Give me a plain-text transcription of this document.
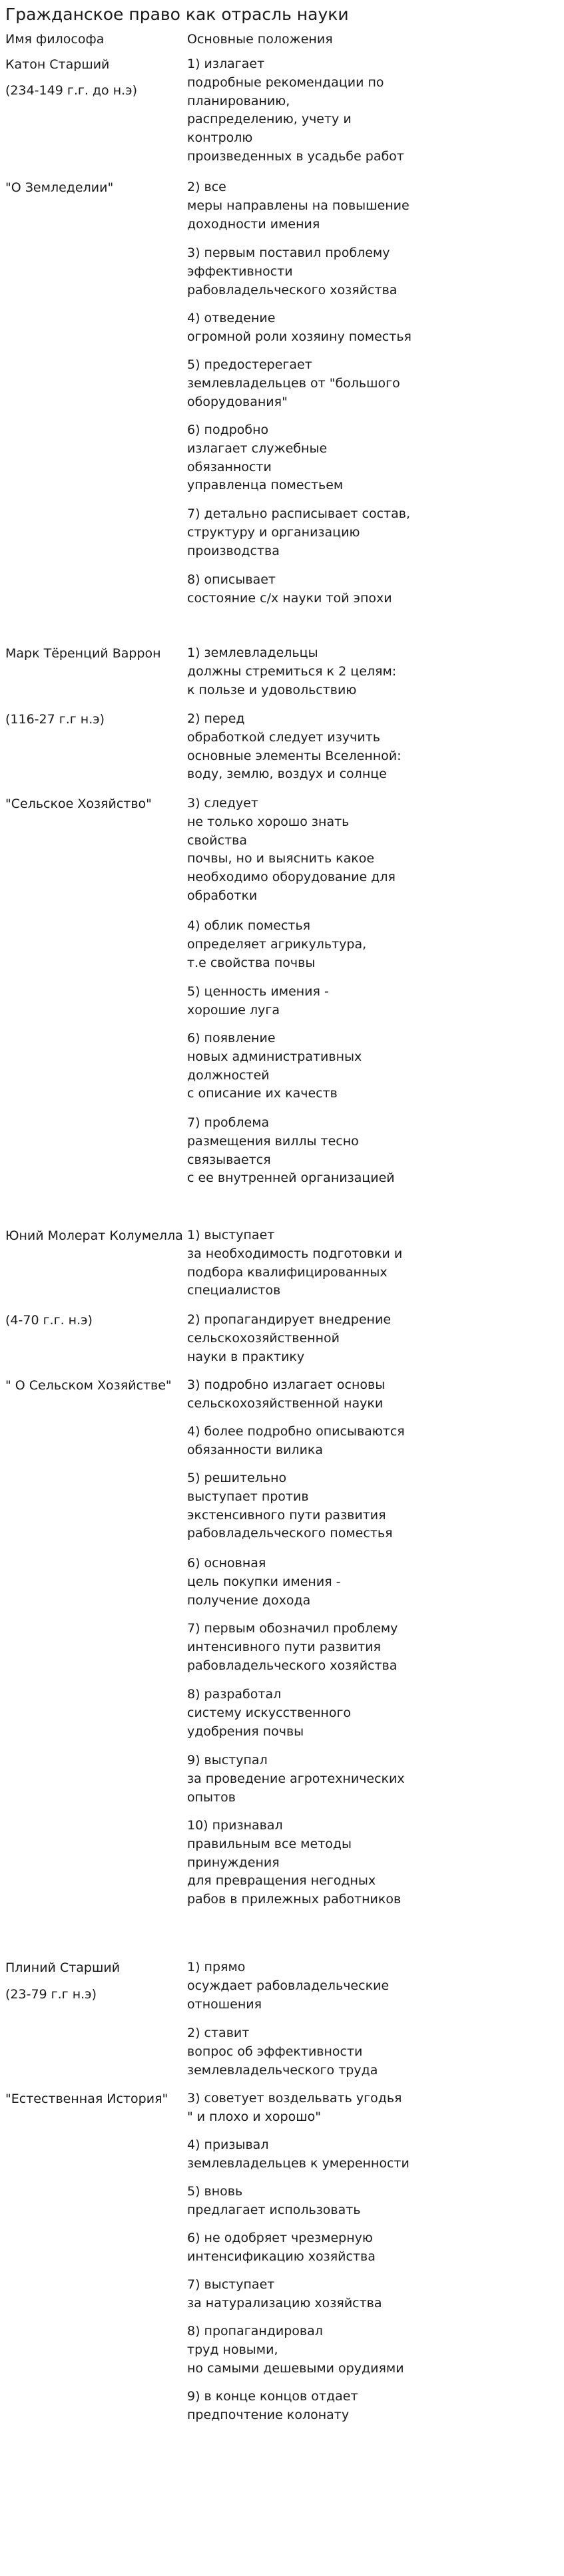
Гражданское право как отрасль науки
Имя философа	Основные положения
Катон Старший
(234-149 г.г. до н.э)
"О Земледелии"
1) излагает
подробные рекомендации по
планированию,
распределению, учету и
контролю
произведенных в усадьбе работ
2) все
меры направлены на повышение
доходности имения
3) первым поставил проблему
эффективности
рабовладельческого хозяйства
4) отведение
огромной роли хозяину поместья
5) предостерегает
землевладельцев от "большого
оборудования"
6) подробно
излагает служебные
обязанности
управленца поместьем
7) детально расписывает состав,
структуру и организацию
производства
8) описывает
состояние с/х науки той эпохи
Марк Тёренций Варрон
(116-27 г.г н.э)
"Сельское Хозяйство"
1) землевладельцы
должны стремиться к 2 целям:
к пользе и удовольствию
2) перед
обработкой следует изучить
основные элементы Вселенной:
воду, землю, воздух и солнце
3) следует
не только хорошо знать
свойства
почвы, но и выяснить какое
необходимо оборудование для
обработки
4) облик поместья
определяет агрикультура,
т.е свойства почвы
5) ценность имения -
хорошие луга
6) появление
новых административных
должностей
с описание их качеств
7) проблема
размещения виллы тесно
связывается
с ее внутренней организацией
Юний Молерат Колумелла
(4-70 г.г. н.э)
" О Сельском Хозяйстве"
1) выступает
за необходимость подготовки и
подбора квалифицированных
специалистов
2) пропагандирует внедрение
сельскохозяйственной
науки в практику
3) подробно излагает основы
сельскохозяйственной науки
4) более подробно описываются
обязанности вилика
5) решительно
выступает против
экстенсивного пути развития
рабовладельческого поместья
6) основная
цель покупки имения -
получение дохода
7) первым обозначил проблему
интенсивного пути развития
рабовладельческого хозяйства
8) разработал
систему искусственного
удобрения почвы
9) выступал
за проведение агротехнических
опытов
10) признавал
правильным все методы
принуждения
для превращения негодных
рабов в прилежных работников
Плиний Старший
(23-79 г.г н.э)
"Естественная История"
1) прямо
осуждает рабовладельческие
отношения
2) ставит
вопрос об эффективности
землевладельческого труда
3) советует воздельвать угодья
" и плохо и хорошо"
4) призывал
землевладельцев к умеренности
5) вновь
предлагает использовать
6) не одобряет чрезмерную
интенсификацию хозяйства
7) выступает
за натурализацию хозяйства
8) пропагандировал
труд новыми,
но самыми дешевыми орудиями
9) в конце концов отдает
предпочтение колонату
